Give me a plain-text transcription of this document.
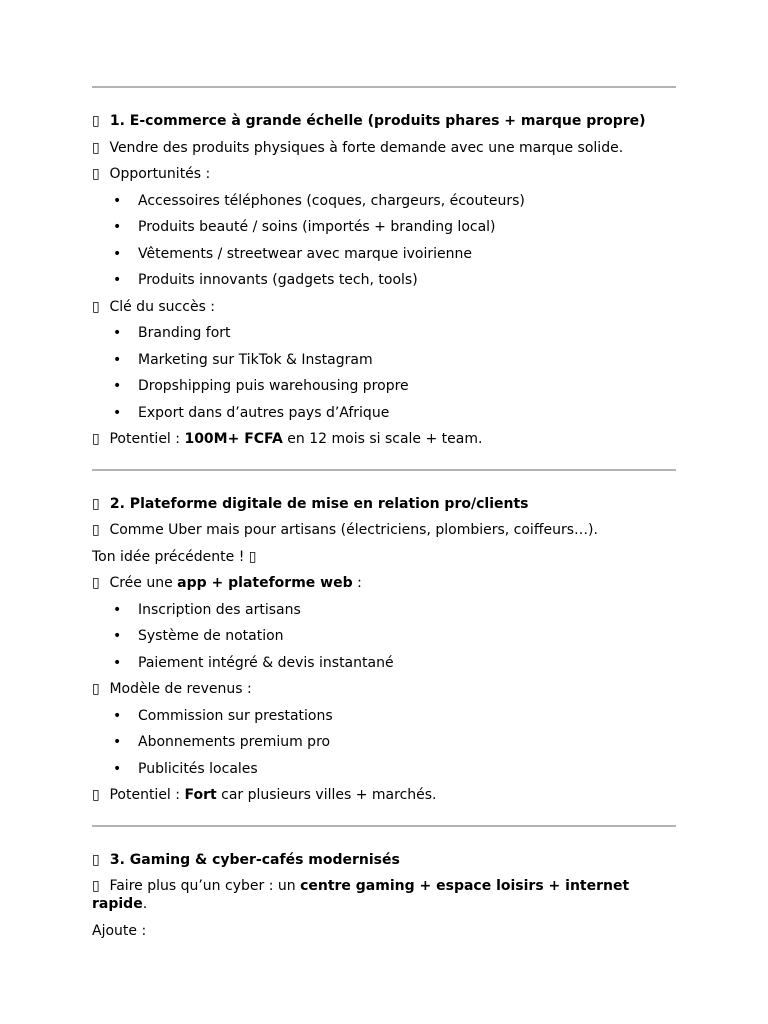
▯ 1. E-commerce à grande échelle (produits phares + marque propre)

▯ Vendre des produits physiques à forte demande avec une marque solide.

▯ Opportunités :

• Accessoires téléphones (coques, chargeurs, écouteurs)
• Produits beauté / soins (importés + branding local)
• Vêtements / streetwear avec marque ivoirienne
• Produits innovants (gadgets tech, tools)

▯ Clé du succès :

• Branding fort
• Marketing sur TikTok & Instagram
• Dropshipping puis warehousing propre
• Export dans d’autres pays d’Afrique

▯ Potentiel : 100M+ FCFA en 12 mois si scale + team.

▯ 2. Plateforme digitale de mise en relation pro/clients

▯ Comme Uber mais pour artisans (électriciens, plombiers, coiffeurs…).

Ton idée précédente ! ▯

▯ Crée une app + plateforme web :

• Inscription des artisans
• Système de notation
• Paiement intégré & devis instantané

▯ Modèle de revenus :

• Commission sur prestations
• Abonnements premium pro
• Publicités locales

▯ Potentiel : Fort car plusieurs villes + marchés.

▯ 3. Gaming & cyber-cafés modernisés

▯ Faire plus qu’un cyber : un centre gaming + espace loisirs + internet rapide.

Ajoute :
